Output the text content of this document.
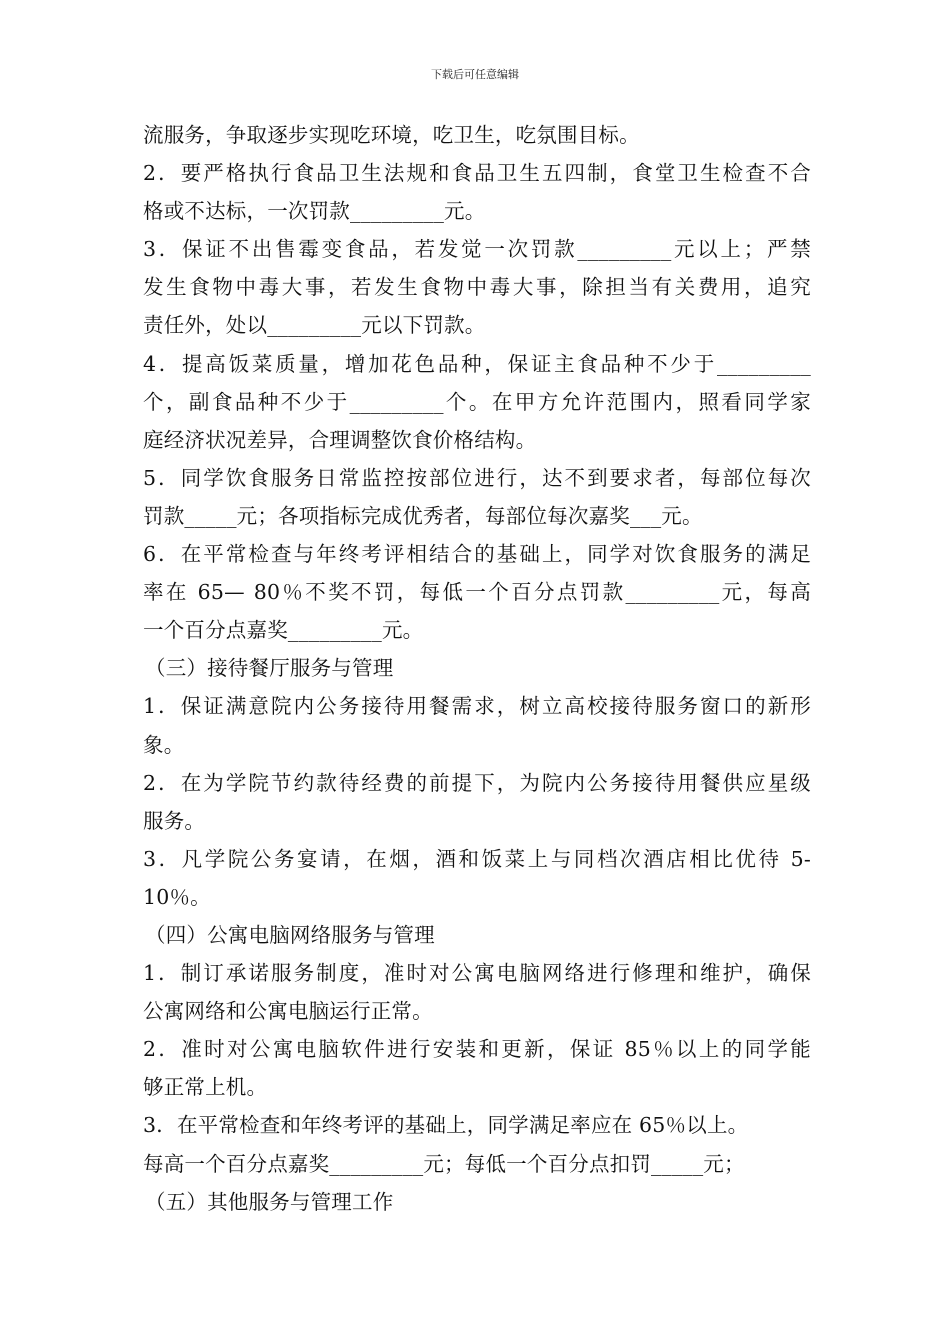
下载后可任意编辑
流服务，争取逐步实现吃环境，吃卫生，吃氛围目标。
2．要严格执行食品卫生法规和食品卫生五四制，食堂卫生检查不合
格或不达标，一次罚款_________元。
3．保证不出售霉变食品，若发觉一次罚款_________元以上；严禁
发生食物中毒大事，若发生食物中毒大事，除担当有关费用，追究
责任外，处以_________元以下罚款。
4．提高饭菜质量，增加花色品种，保证主食品种不少于_________
个，副食品种不少于_________个。在甲方允许范围内，照看同学家
庭经济状况差异，合理调整饮食价格结构。
5．同学饮食服务日常监控按部位进行，达不到要求者，每部位每次
罚款_____元；各项指标完成优秀者，每部位每次嘉奖___元。
6．在平常检查与年终考评相结合的基础上，同学对饮食服务的满足
率在 65— 80％不奖不罚，每低一个百分点罚款_________元，每高
一个百分点嘉奖_________元。
（三）接待餐厅服务与管理
1．保证满意院内公务接待用餐需求，树立高校接待服务窗口的新形
象。
2．在为学院节约款待经费的前提下，为院内公务接待用餐供应星级
服务。
3．凡学院公务宴请，在烟，酒和饭菜上与同档次酒店相比优待 5-
10％。
（四）公寓电脑网络服务与管理
1．制订承诺服务制度，准时对公寓电脑网络进行修理和维护，确保
公寓网络和公寓电脑运行正常。
2．准时对公寓电脑软件进行安装和更新，保证 85％以上的同学能
够正常上机。
3．在平常检查和年终考评的基础上，同学满足率应在 65％以上。
每高一个百分点嘉奖_________元；每低一个百分点扣罚_____元；
（五）其他服务与管理工作
